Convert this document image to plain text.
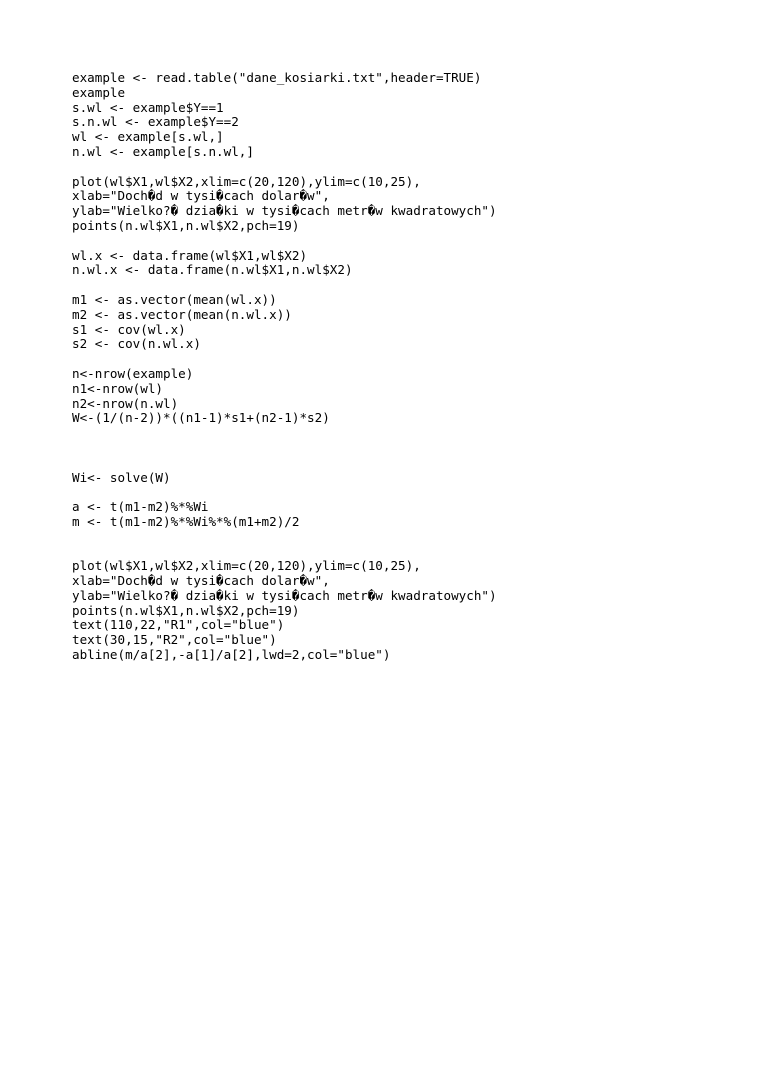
example <- read.table("dane_kosiarki.txt",header=TRUE)
example
s.wl <- example$Y==1
s.n.wl <- example$Y==2
wl <- example[s.wl,]
n.wl <- example[s.n.wl,]
plot(wl$X1,wl$X2,xlim=c(20,120),ylim=c(10,25),
xlab="Doch�d w tysi�cach dolar�w",
ylab="Wielko?� dzia�ki w tysi�cach metr�w kwadratowych")
points(n.wl$X1,n.wl$X2,pch=19)
wl.x <- data.frame(wl$X1,wl$X2)
n.wl.x <- data.frame(n.wl$X1,n.wl$X2)
m1 <- as.vector(mean(wl.x))
m2 <- as.vector(mean(n.wl.x))
s1 <- cov(wl.x)
s2 <- cov(n.wl.x)
n<-nrow(example)
n1<-nrow(wl)
n2<-nrow(n.wl)
W<-(1/(n-2))*((n1-1)*s1+(n2-1)*s2)
Wi<- solve(W)
a <- t(m1-m2)%*%Wi
m <- t(m1-m2)%*%Wi%*%(m1+m2)/2
plot(wl$X1,wl$X2,xlim=c(20,120),ylim=c(10,25),
xlab="Doch�d w tysi�cach dolar�w",
ylab="Wielko?� dzia�ki w tysi�cach metr�w kwadratowych")
points(n.wl$X1,n.wl$X2,pch=19)
text(110,22,"R1",col="blue")
text(30,15,"R2",col="blue")
abline(m/a[2],-a[1]/a[2],lwd=2,col="blue")
